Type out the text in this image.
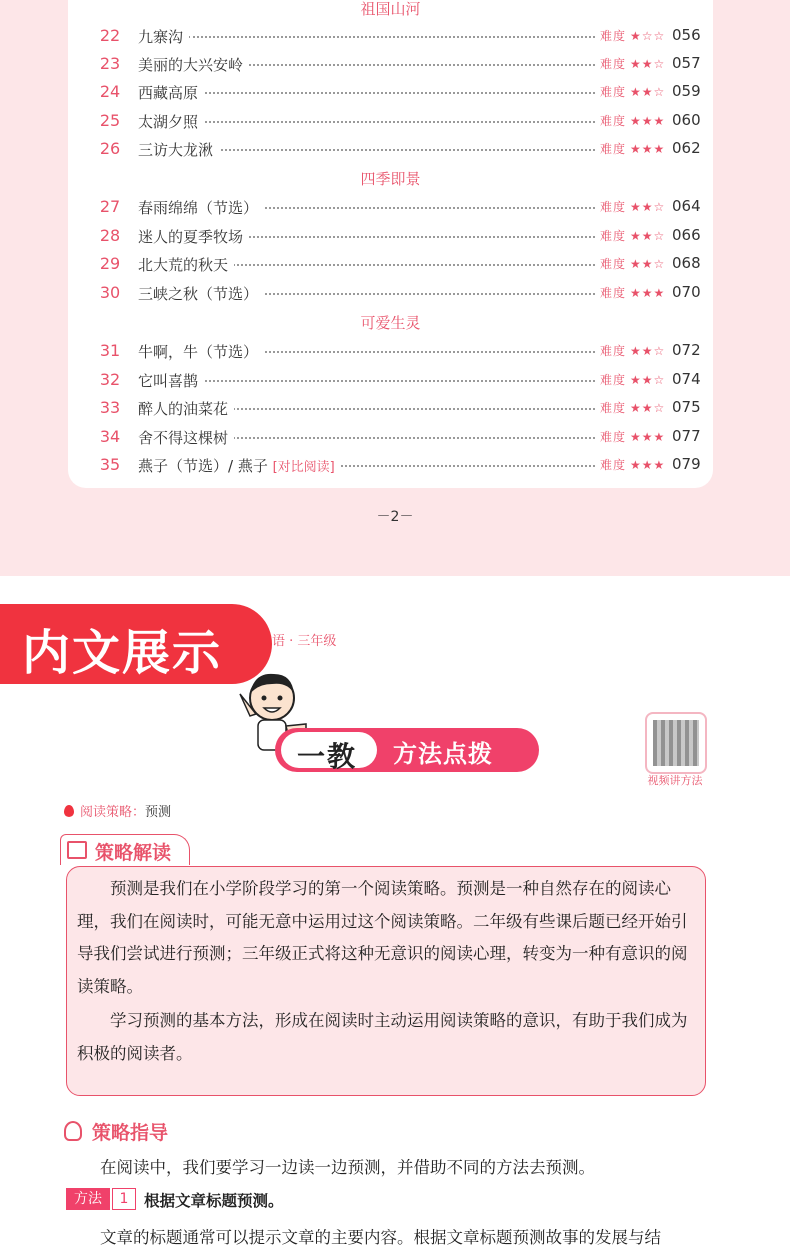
祖国山河
22	九寨沟	难度 ★☆☆ 056
23	美丽的大兴安岭	难度 ★★☆ 057
24	西藏高原	难度 ★★☆ 059
25	太湖夕照	难度 ★★★ 060
26	三访大龙湫	难度 ★★★ 062
四季即景
27	春雨绵绵（节选）	难度 ★★☆ 064
28	迷人的夏季牧场	难度 ★★☆ 066
29	北大荒的秋天	难度 ★★☆ 068
30	三峡之秋（节选）	难度 ★★★ 070
可爱生灵
31	牛啊，牛（节选）	难度 ★★☆ 072
32	它叫喜鹊	难度 ★★☆ 074
33	醉人的油菜花	难度 ★★☆ 075
34	舍不得这棵树	难度 ★★★ 077
35	燕子（节选）/ 燕子 [对比阅读]	难度 ★★★ 079
－2－
内文展示	语 · 三年级
一教 方法点拨
视频讲方法
阅读策略：预测
策略解读
预测是我们在小学阶段学习的第一个阅读策略。预测是一种自然存在的阅读心理，我们在阅读时，可能无意中运用过这个阅读策略。二年级有些课后题已经开始引导我们尝试进行预测；三年级正式将这种无意识的阅读心理，转变为一种有意识的阅读策略。
学习预测的基本方法，形成在阅读时主动运用阅读策略的意识，有助于我们成为积极的阅读者。
策略指导
在阅读中，我们要学习一边读一边预测，并借助不同的方法去预测。
方法	1	根据文章标题预测。
文章的标题通常可以提示文章的主要内容。根据文章标题预测故事的发展与结
